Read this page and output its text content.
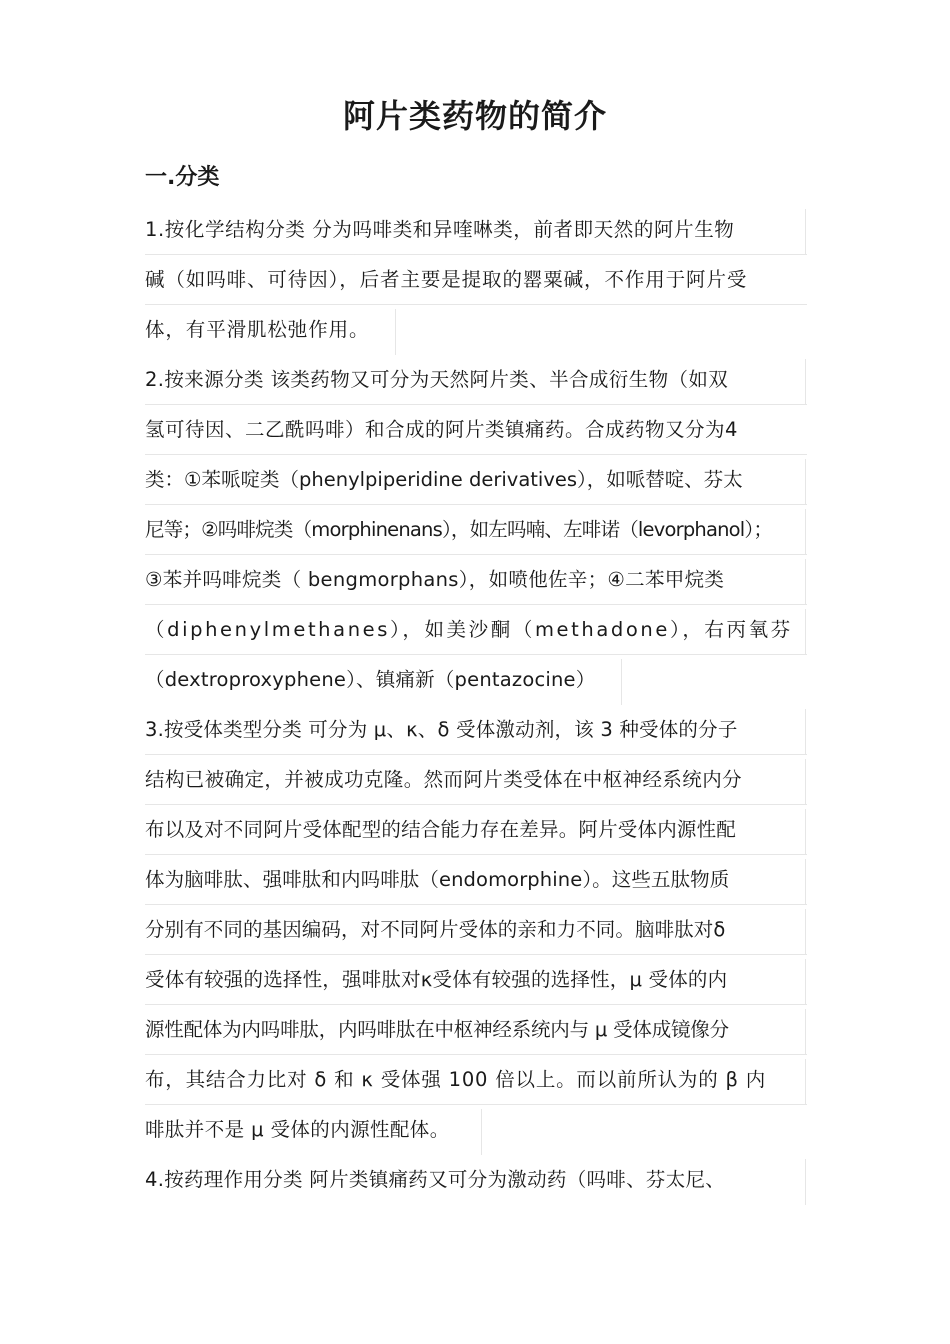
阿片类药物的简介
一.分类
1.按化学结构分类 分为吗啡类和异喹啉类，前者即天然的阿片生物
碱（如吗啡、可待因），后者主要是提取的罂粟碱，不作用于阿片受
体，有平滑肌松弛作用。
2.按来源分类 该类药物又可分为天然阿片类、半合成衍生物（如双
氢可待因、二乙酰吗啡）和合成的阿片类镇痛药。合成药物又分为4
类：①苯哌啶类（phenylpiperidine derivatives），如哌替啶、芬太
尼等；②吗啡烷类（morphinenans），如左吗喃、左啡诺（levorphanol）；
③苯并吗啡烷类（ bengmorphans），如喷他佐辛；④二苯甲烷类
（diphenylmethanes），如美沙酮（methadone），右丙氧芬
（dextroproxyphene）、镇痛新（pentazocine）
3.按受体类型分类 可分为 μ、κ、δ 受体激动剂，该 3 种受体的分子
结构已被确定，并被成功克隆。然而阿片类受体在中枢神经系统内分
布以及对不同阿片受体配型的结合能力存在差异。阿片受体内源性配
体为脑啡肽、强啡肽和内吗啡肽（endomorphine）。这些五肽物质
分别有不同的基因编码，对不同阿片受体的亲和力不同。脑啡肽对δ
受体有较强的选择性，强啡肽对κ受体有较强的选择性，μ 受体的内
源性配体为内吗啡肽，内吗啡肽在中枢神经系统内与 μ 受体成镜像分
布，其结合力比对 δ 和 κ 受体强 100 倍以上。而以前所认为的 β 内
啡肽并不是 μ 受体的内源性配体。
4.按药理作用分类 阿片类镇痛药又可分为激动药（吗啡、芬太尼、
